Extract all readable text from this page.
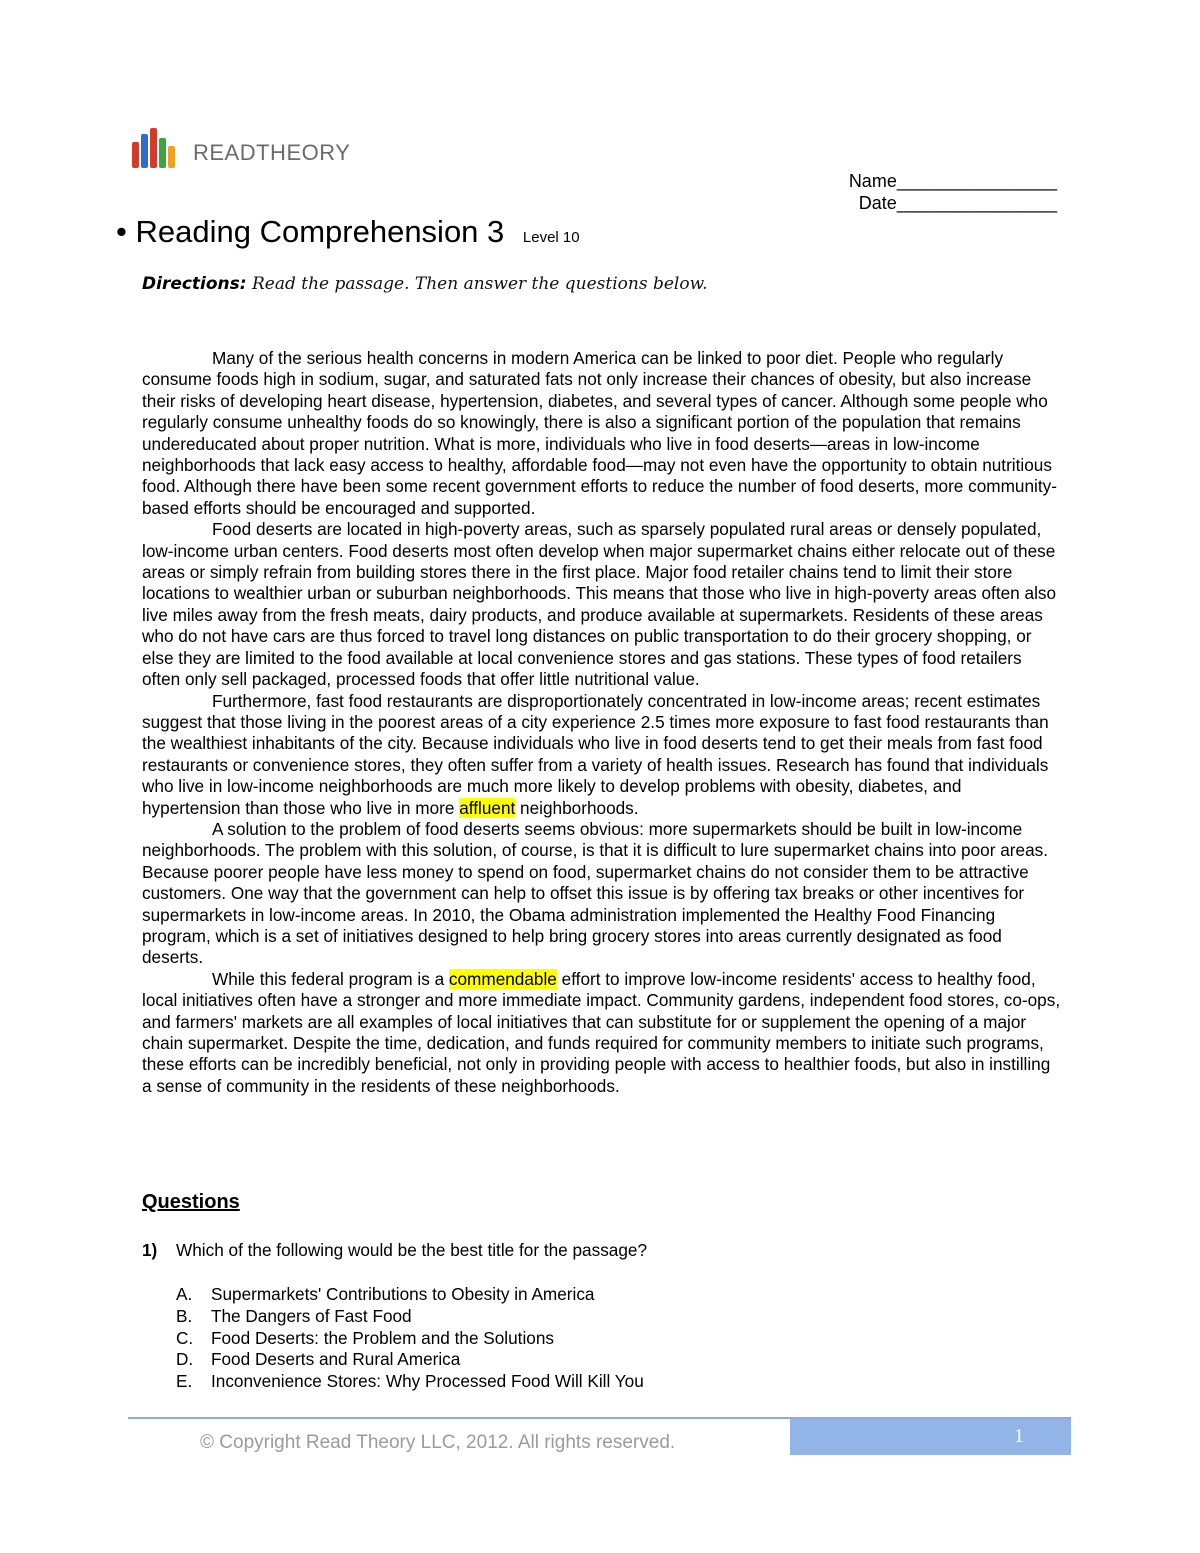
READTHEORY
Name________________
Date________________
• Reading Comprehension 3 Level 10
Directions: Read the passage. Then answer the questions below.

Many of the serious health concerns in modern America can be linked to poor diet. People who regularly consume foods high in sodium, sugar, and saturated fats not only increase their chances of obesity, but also increase their risks of developing heart disease, hypertension, diabetes, and several types of cancer. Although some people who regularly consume unhealthy foods do so knowingly, there is also a significant portion of the population that remains undereducated about proper nutrition. What is more, individuals who live in food deserts—areas in low-income neighborhoods that lack easy access to healthy, affordable food—may not even have the opportunity to obtain nutritious food. Although there have been some recent government efforts to reduce the number of food deserts, more community-based efforts should be encouraged and supported.

Food deserts are located in high-poverty areas, such as sparsely populated rural areas or densely populated, low-income urban centers. Food deserts most often develop when major supermarket chains either relocate out of these areas or simply refrain from building stores there in the first place. Major food retailer chains tend to limit their store locations to wealthier urban or suburban neighborhoods. This means that those who live in high-poverty areas often also live miles away from the fresh meats, dairy products, and produce available at supermarkets. Residents of these areas who do not have cars are thus forced to travel long distances on public transportation to do their grocery shopping, or else they are limited to the food available at local convenience stores and gas stations. These types of food retailers often only sell packaged, processed foods that offer little nutritional value.

Furthermore, fast food restaurants are disproportionately concentrated in low-income areas; recent estimates suggest that those living in the poorest areas of a city experience 2.5 times more exposure to fast food restaurants than the wealthiest inhabitants of the city. Because individuals who live in food deserts tend to get their meals from fast food restaurants or convenience stores, they often suffer from a variety of health issues. Research has found that individuals who live in low-income neighborhoods are much more likely to develop problems with obesity, diabetes, and hypertension than those who live in more affluent neighborhoods.

A solution to the problem of food deserts seems obvious: more supermarkets should be built in low-income neighborhoods. The problem with this solution, of course, is that it is difficult to lure supermarket chains into poor areas. Because poorer people have less money to spend on food, supermarket chains do not consider them to be attractive customers. One way that the government can help to offset this issue is by offering tax breaks or other incentives for supermarkets in low-income areas. In 2010, the Obama administration implemented the Healthy Food Financing program, which is a set of initiatives designed to help bring grocery stores into areas currently designated as food deserts.

While this federal program is a commendable effort to improve low-income residents' access to healthy food, local initiatives often have a stronger and more immediate impact. Community gardens, independent food stores, co-ops, and farmers' markets are all examples of local initiatives that can substitute for or supplement the opening of a major chain supermarket. Despite the time, dedication, and funds required for community members to initiate such programs, these efforts can be incredibly beneficial, not only in providing people with access to healthier foods, but also in instilling a sense of community in the residents of these neighborhoods.

Questions
1) Which of the following would be the best title for the passage?
A. Supermarkets' Contributions to Obesity in America
B. The Dangers of Fast Food
C. Food Deserts: the Problem and the Solutions
D. Food Deserts and Rural America
E. Inconvenience Stores: Why Processed Food Will Kill You
© Copyright Read Theory LLC, 2012. All rights reserved.	1
